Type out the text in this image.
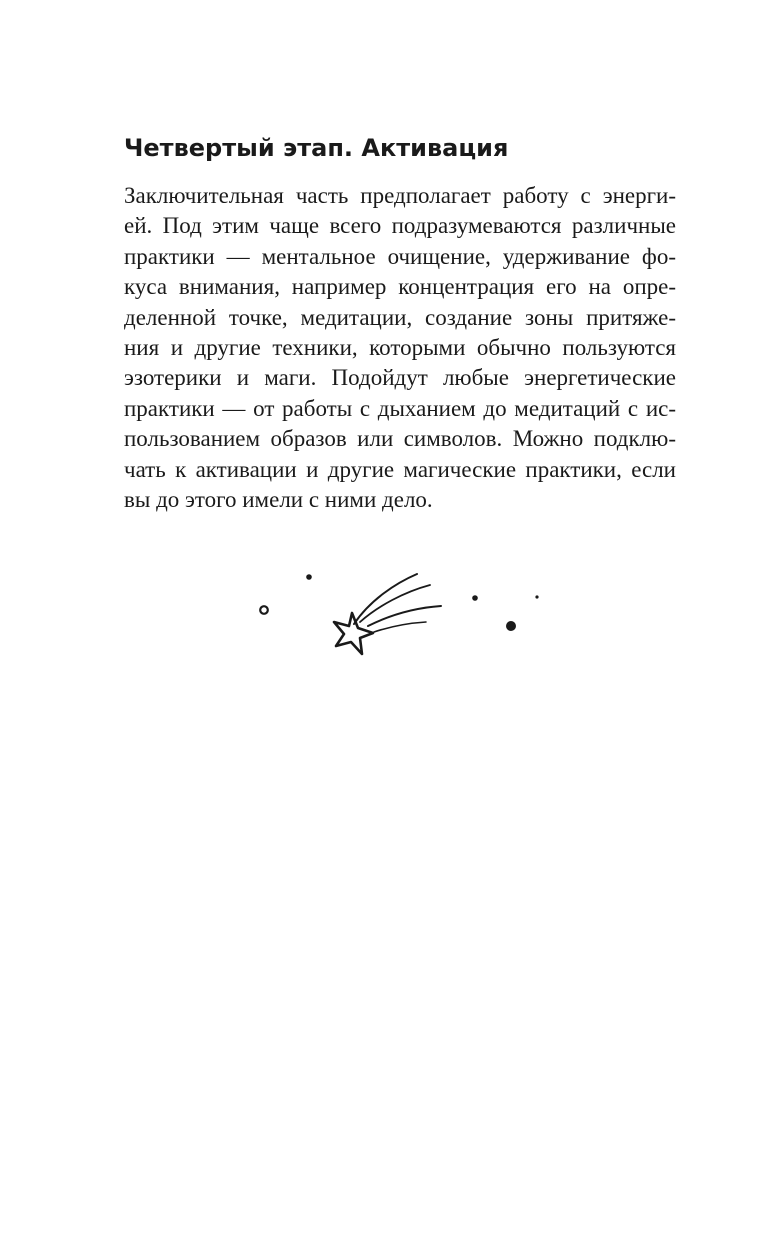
Четвертый этап. Активация
Заключительная часть предполагает работу с энерги-
ей. Под этим чаще всего подразумеваются различные
практики — ментальное очищение, удерживание фо-
куса внимания, например концентрация его на опре-
деленной точке, медитации, создание зоны притяже-
ния и другие техники, которыми обычно пользуются
эзотерики и маги. Подойдут любые энергетические
практики — от работы с дыханием до медитаций с ис-
пользованием образов или символов. Можно подклю-
чать к активации и другие магические практики, если
вы до этого имели с ними дело.
